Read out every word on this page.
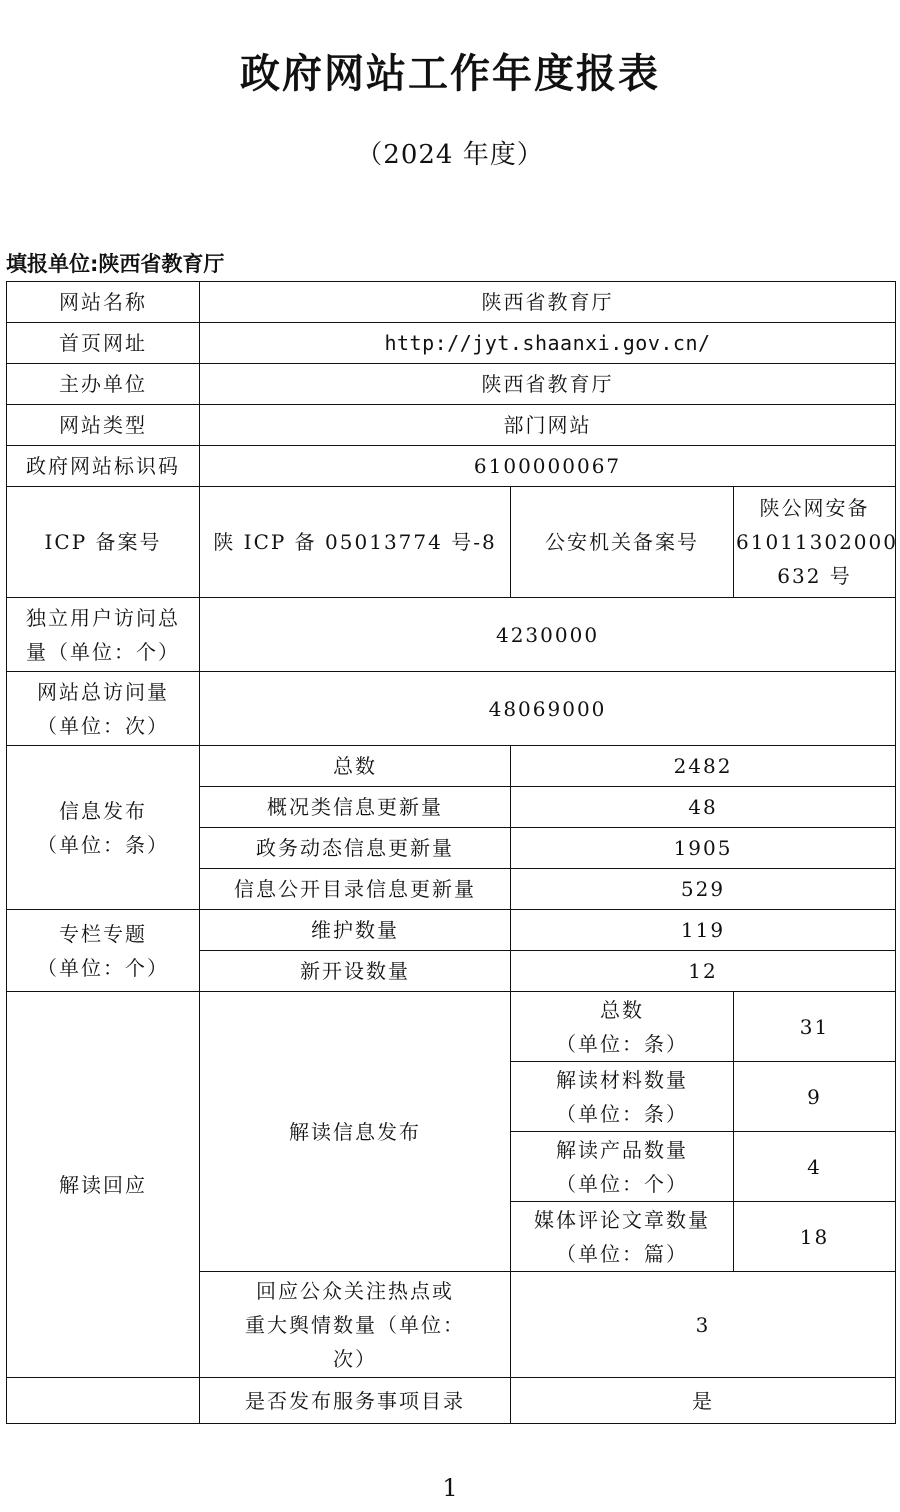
政府网站工作年度报表
（2024 年度）
填报单位:陕西省教育厅
网站名称	陕西省教育厅		
首页网址	http://jyt.shaanxi.gov.cn/		
主办单位	陕西省教育厅		
网站类型	部门网站		
政府网站标识码	6100000067		
ICP 备案号	陕 ICP 备 05013774 号-8	公安机关备案号	陕公网安备
61011302000
632 号

独立用户访问总
量（单位：个）	4230000		

网站总访问量
（单位：次）	48069000		

信息发布
（单位：条）	总数	2482	
	概况类信息更新量	48	
	政务动态信息更新量	1905	
	信息公开目录信息更新量	529	

专栏专题
（单位：个）	维护数量	119	
	新开设数量	12	
解读回应	解读信息发布	总数
（单位：条）	31

		解读材料数量
（单位：条）	9

		解读产品数量
（单位：个）	4

		媒体评论文章数量
（单位：篇）	18

	回应公众关注热点或
重大舆情数量（单位：
次）	3	
	是否发布服务事项目录	是	
1
